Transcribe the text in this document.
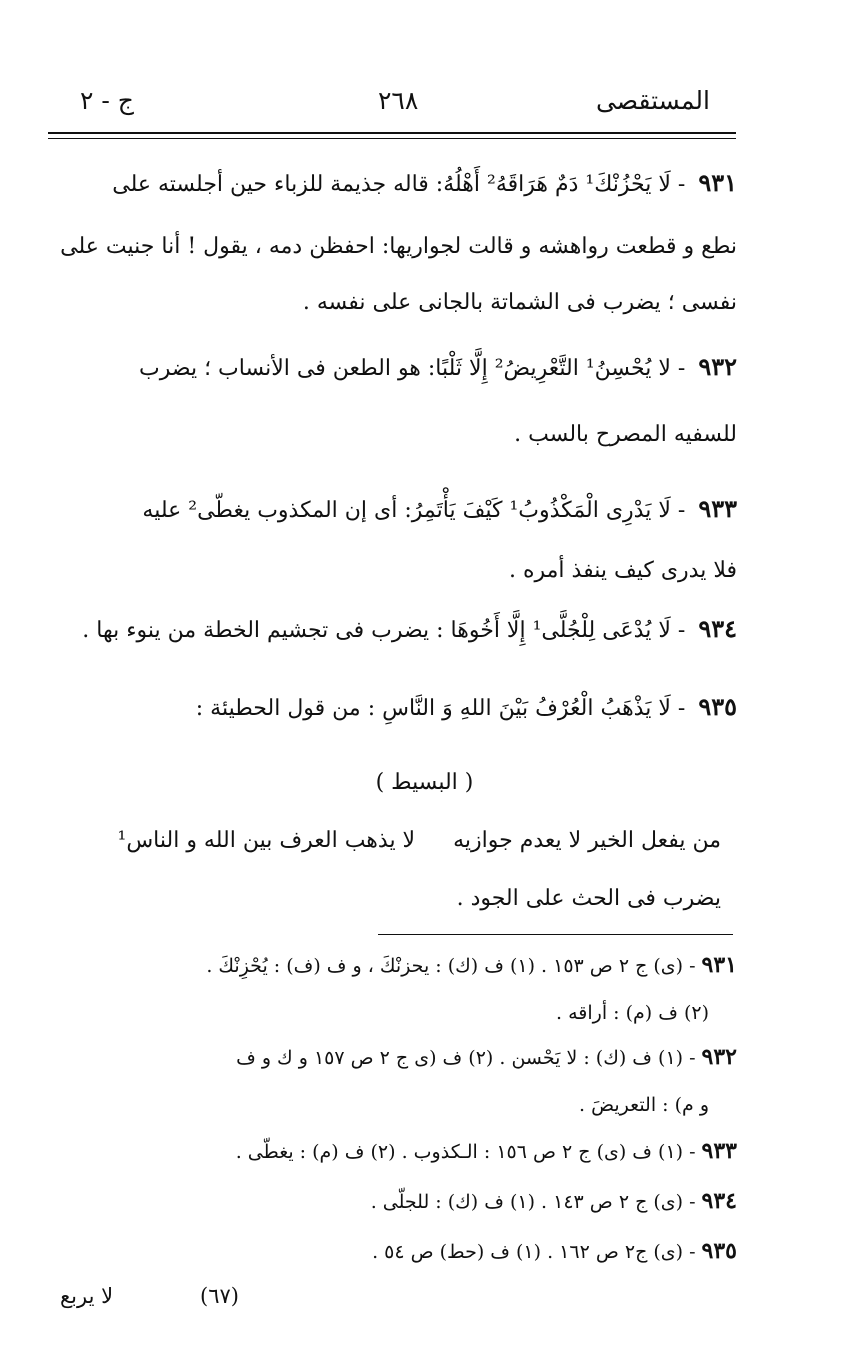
المستقصى
٢٦٨
ج - ٢
٩٣١ - لَا يَحْزُنْكَ¹ دَمٌ هَرَاقَهُ² أَهْلُهُ: قاله جذيمة للزباء حين أجلسته على
نطع و قطعت رواهشه و قالت لجواريها: احفظن دمه ، يقول ! أنا جنيت على
نفسى ؛ يضرب فى الشماتة بالجانى على نفسه .
٩٣٢ - لا يُحْسِنُ¹ التَّعْرِيضُ² إِلَّا ثَلْبًا: هو الطعن فى الأنساب ؛ يضرب
للسفيه المصرح بالسب .
٩٣٣ - لَا يَدْرِى الْمَكْذُوبُ¹ كَيْفَ يَأْتَمِرُ: أى إن المكذوب يغطّى² عليه
فلا يدرى كيف ينفذ أمره .
٩٣٤ - لَا يُدْعَى لِلْجُلَّى¹ إِلَّا أَخُوهَا : يضرب فى تجشيم الخطة من ينوء بها .
٩٣٥ - لَا يَذْهَبُ الْعُرْفُ بَيْنَ اللهِ وَ النَّاسِ : من قول الحطيئة :
( البسيط )
من يفعل الخير لا يعدم جوازيه  لا يذهب العرف بين الله و الناس¹
يضرب فى الحث على الجود .
٩٣١- (ى) ج ٢ ص ١٥٣ . (١) ف (ك) : يحزنْكَ ، و ف (ف) : يُحْزِنْكَ .
(٢) ف (م) : أراقه .
٩٣٢- (١) ف (ك) : لا يَحْسن . (٢) ف (ى ج ٢ ص ١٥٧ و ك و ف
و م) : التعريضَ .
٩٣٣- (١) ف (ى) ج ٢ ص ١٥٦ : الـكذوب . (٢) ف (م) : يغطّى .
٩٣٤- (ى) ج ٢ ص ١٤٣ . (١) ف (ك) : للجلّى .
٩٣٥- (ى) ج٢ ص ١٦٢ . (١) ف (حط) ص ٥٤ .
(٦٧)
لا يربع
